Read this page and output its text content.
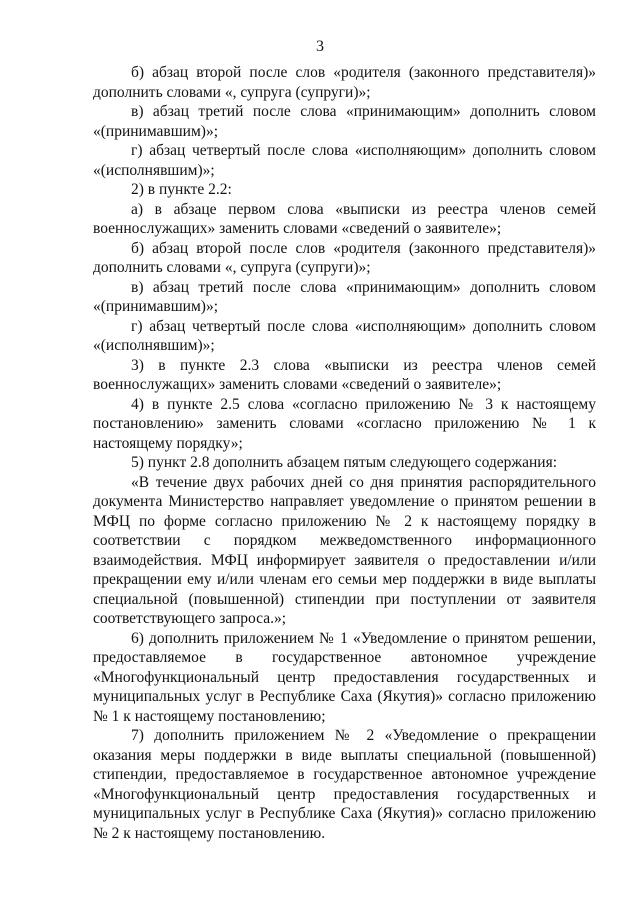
3

б) абзац второй после слов «родителя (законного представителя)» дополнить словами «, супруга (супруги)»;

в) абзац третий после слова «принимающим» дополнить словом «(принимавшим)»;

г) абзац четвертый после слова «исполняющим» дополнить словом «(исполнявшим)»;

2) в пункте 2.2:

а) в абзаце первом слова «выписки из реестра членов семей военнослужащих» заменить словами «сведений о заявителе»;

б) абзац второй после слов «родителя (законного представителя)» дополнить словами «, супруга (супруги)»;

в) абзац третий после слова «принимающим» дополнить словом «(принимавшим)»;

г) абзац четвертый после слова «исполняющим» дополнить словом «(исполнявшим)»;

3) в пункте 2.3 слова «выписки из реестра членов семей военнослужащих» заменить словами «сведений о заявителе»;

4) в пункте 2.5 слова «согласно приложению № 3 к настоящему постановлению» заменить словами «согласно приложению № 1 к настоящему порядку»;

5) пункт 2.8 дополнить абзацем пятым следующего содержания:

«В течение двух рабочих дней со дня принятия распорядительного документа Министерство направляет уведомление о принятом решении в МФЦ по форме согласно приложению № 2 к настоящему порядку в соответствии с порядком межведомственного информационного взаимодействия. МФЦ информирует заявителя о предоставлении и/или прекращении ему и/или членам его семьи мер поддержки в виде выплаты специальной (повышенной) стипендии при поступлении от заявителя соответствующего запроса.»;

6) дополнить приложением № 1 «Уведомление о принятом решении, предоставляемое в государственное автономное учреждение «Многофункциональный центр предоставления государственных и муниципальных услуг в Республике Саха (Якутия)» согласно приложению № 1 к настоящему постановлению;

7) дополнить приложением № 2 «Уведомление о прекращении оказания меры поддержки в виде выплаты специальной (повышенной) стипендии, предоставляемое в государственное автономное учреждение «Многофункциональный центр предоставления государственных и муниципальных услуг в Республике Саха (Якутия)» согласно приложению № 2 к настоящему постановлению.
